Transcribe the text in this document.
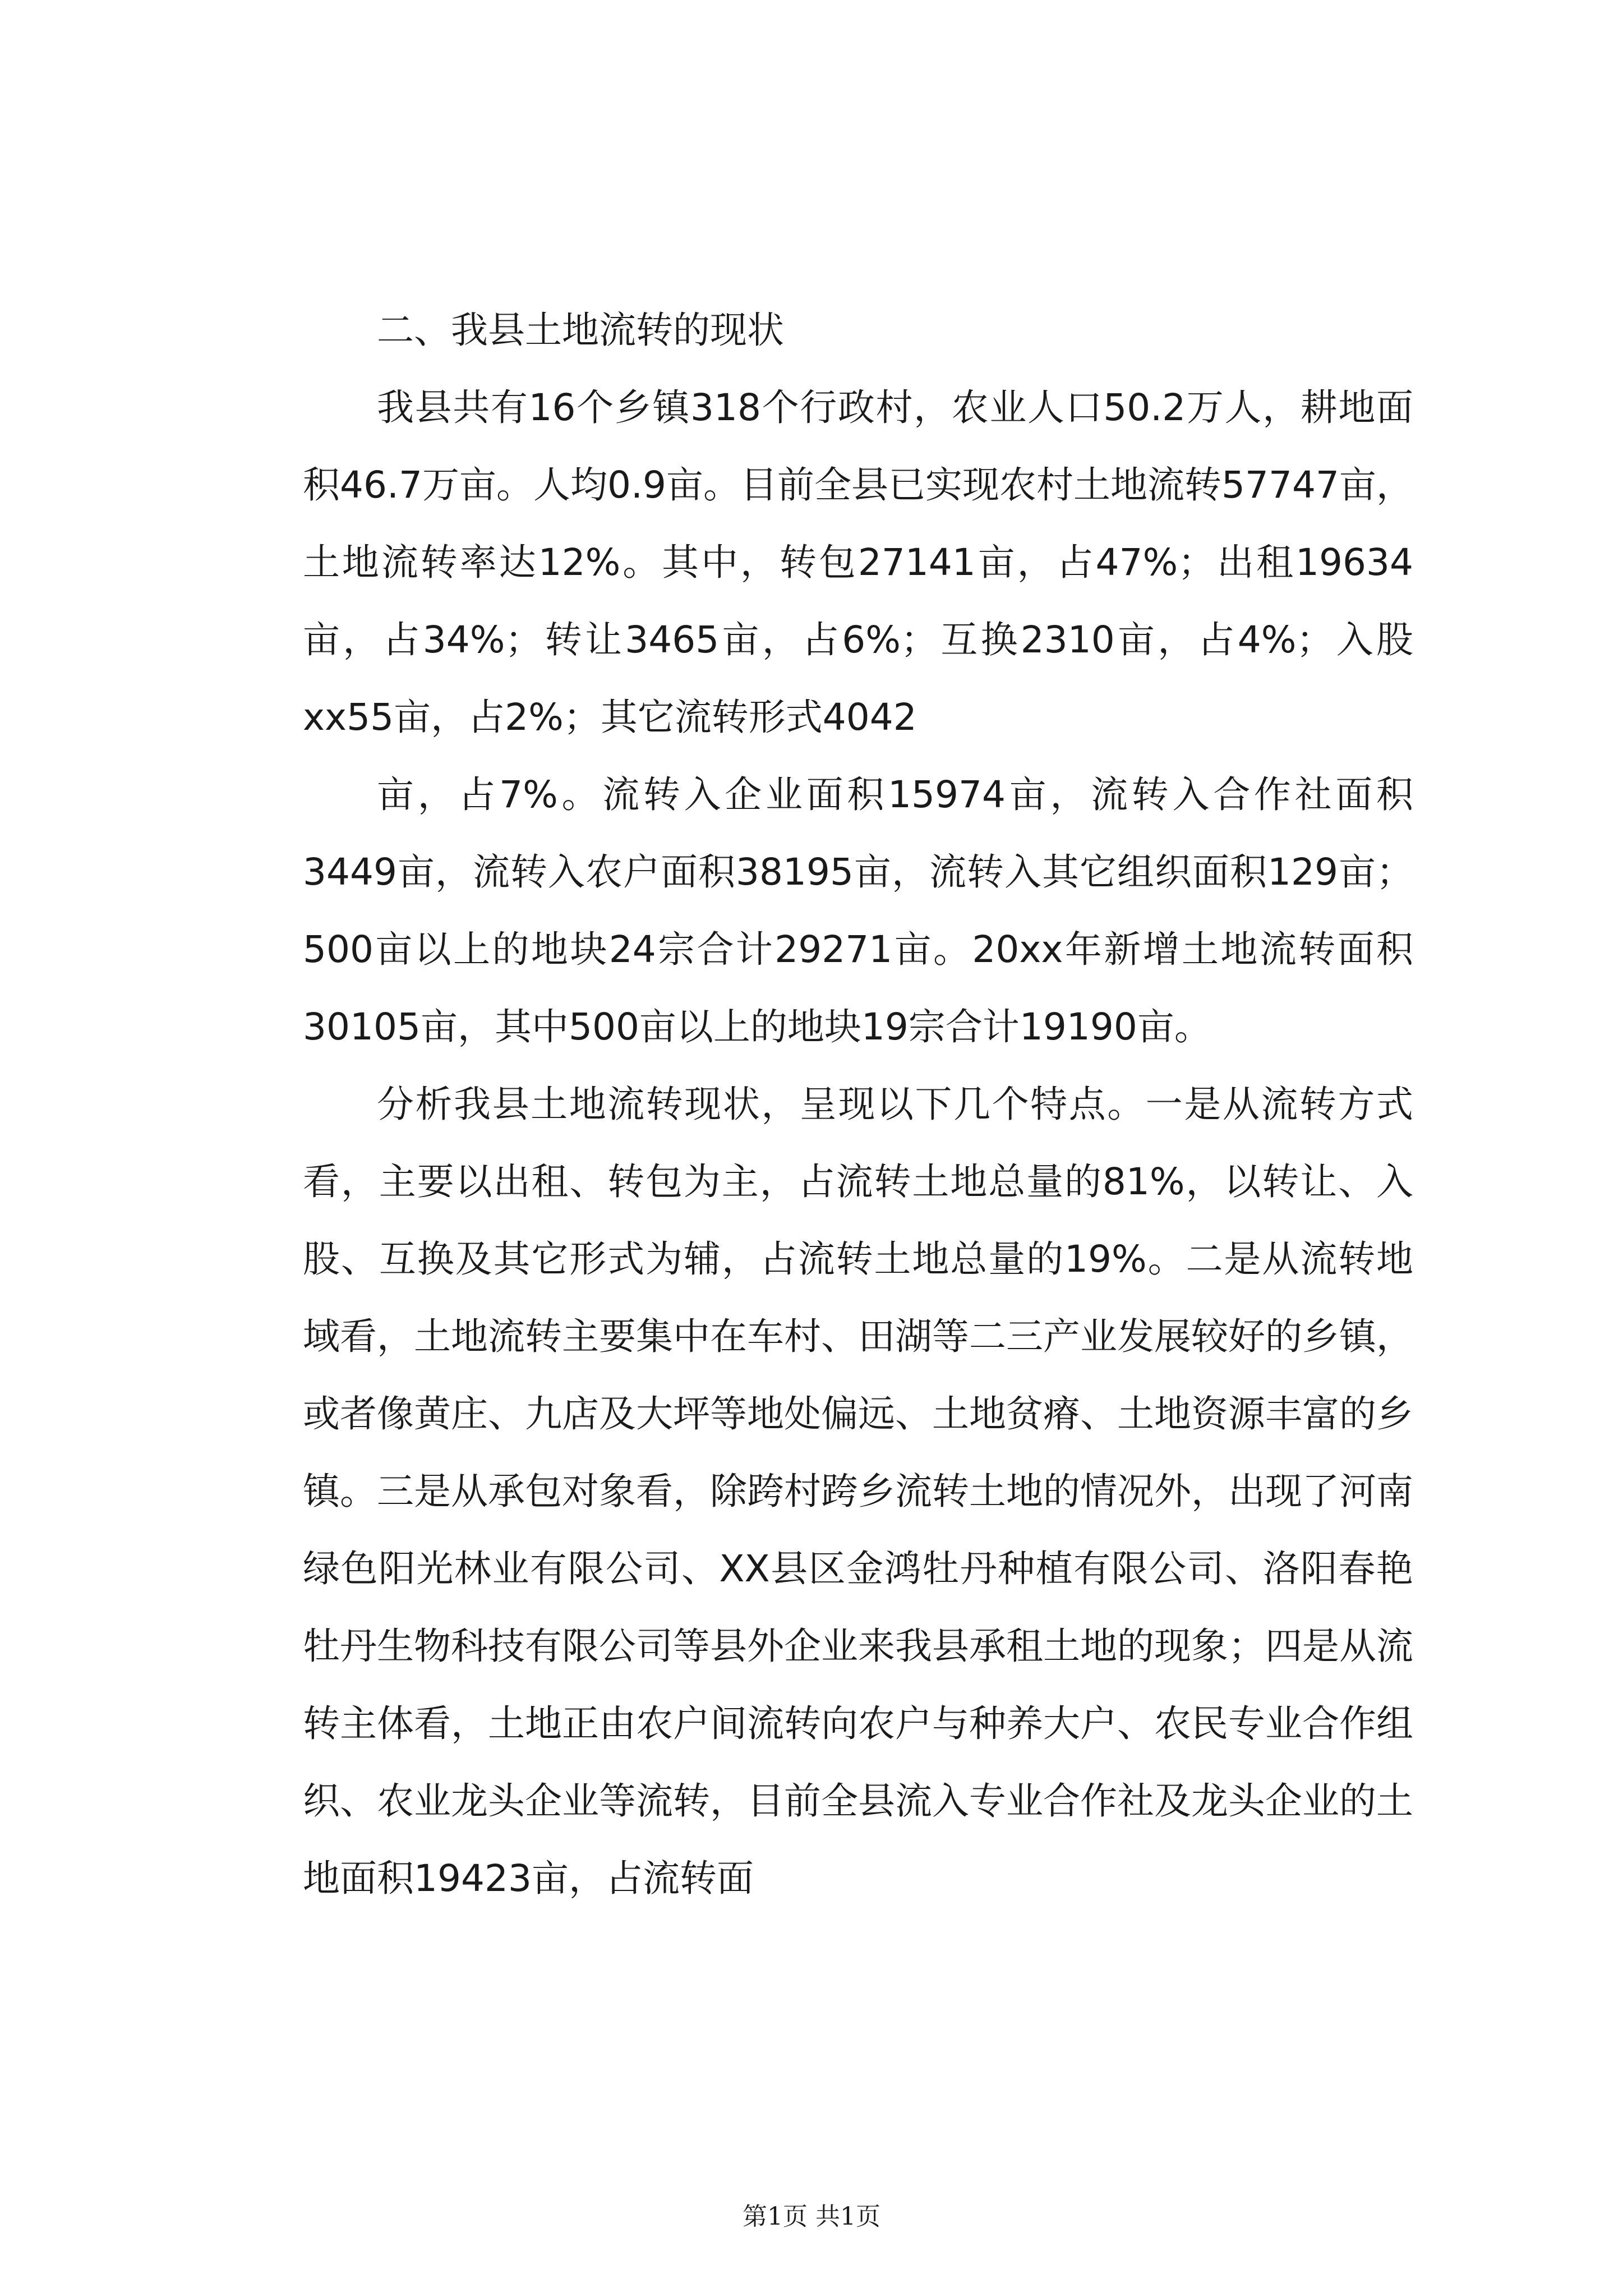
二、我县土地流转的现状

我县共有16个乡镇318个行政村，农业人口50.2万人，耕地面积46.7万亩。人均0.9亩。目前全县已实现农村土地流转57747亩，土地流转率达12%。其中，转包27141亩，占47%；出租19634亩，占34%；转让3465亩，占6%；互换2310亩，占4%；入股xx55亩，占2%；其它流转形式4042

亩，占7%。流转入企业面积15974亩，流转入合作社面积3449亩，流转入农户面积38195亩，流转入其它组织面积129亩；500亩以上的地块24宗合计29271亩。20xx年新增土地流转面积30105亩，其中500亩以上的地块19宗合计19190亩。

分析我县土地流转现状，呈现以下几个特点。一是从流转方式看，主要以出租、转包为主，占流转土地总量的81%，以转让、入股、互换及其它形式为辅，占流转土地总量的19%。二是从流转地域看，土地流转主要集中在车村、田湖等二三产业发展较好的乡镇，或者像黄庄、九店及大坪等地处偏远、土地贫瘠、土地资源丰富的乡镇。三是从承包对象看，除跨村跨乡流转土地的情况外，出现了河南绿色阳光林业有限公司、XX县区金鸿牡丹种植有限公司、洛阳春艳牡丹生物科技有限公司等县外企业来我县承租土地的现象；四是从流转主体看，土地正由农户间流转向农户与种养大户、农民专业合作组织、农业龙头企业等流转，目前全县流入专业合作社及龙头企业的土地面积19423亩，占流转面

第1页 共1页
